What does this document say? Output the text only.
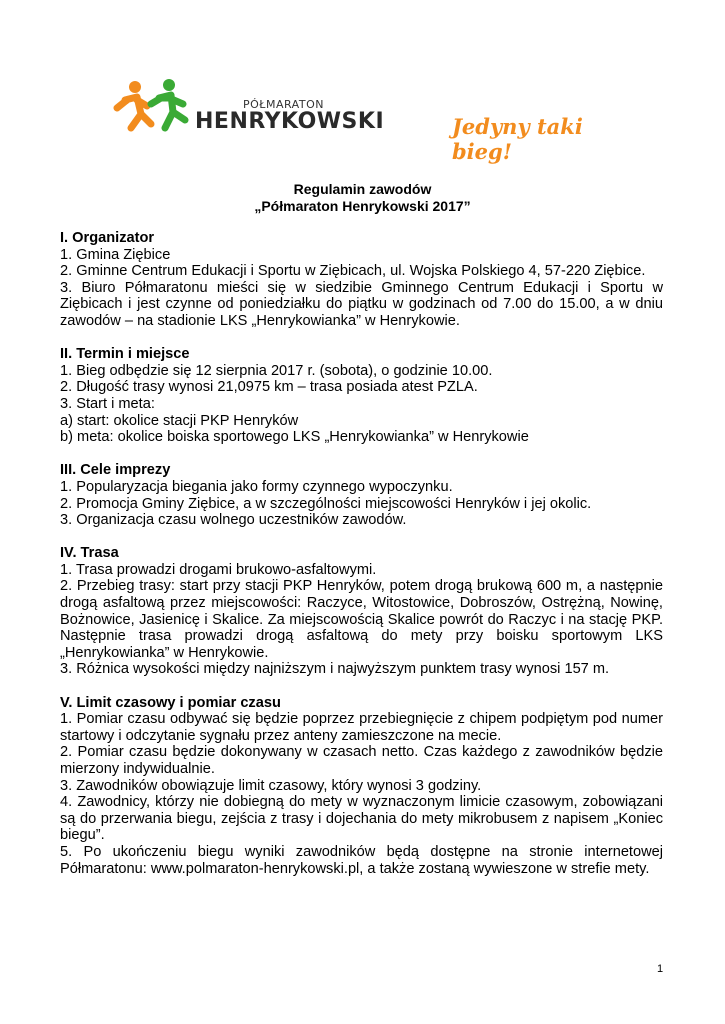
PÓŁMARATON
HENRYKOWSKI	Jedyny taki bieg!
Regulamin zawodów
„Półmaraton Henrykowski 2017”
I. Organizator

1. Gmina Ziębice

2. Gminne Centrum Edukacji i Sportu w Ziębicach, ul. Wojska Polskiego 4, 57-220 Ziębice.

3. Biuro Półmaratonu mieści się w siedzibie Gminnego Centrum Edukacji i Sportu w Ziębicach i jest czynne od poniedziałku do piątku w godzinach od 7.00 do 15.00, a w dniu zawodów – na stadionie LKS „Henrykowianka” w Henrykowie.

II. Termin i miejsce

1. Bieg odbędzie się 12 sierpnia 2017 r. (sobota), o godzinie 10.00.

2. Długość trasy wynosi 21,0975 km – trasa posiada atest PZLA.

3. Start i meta:

a) start: okolice stacji PKP Henryków

b) meta: okolice boiska sportowego LKS „Henrykowianka” w Henrykowie

III. Cele imprezy

1. Popularyzacja biegania jako formy czynnego wypoczynku.

2. Promocja Gminy Ziębice, a w szczególności miejscowości Henryków i jej okolic.

3. Organizacja czasu wolnego uczestników zawodów.

IV. Trasa

1. Trasa prowadzi drogami brukowo-asfaltowymi.

2. Przebieg trasy: start przy stacji PKP Henryków, potem drogą brukową 600 m, a następnie drogą asfaltową przez miejscowości: Raczyce, Witostowice, Dobroszów, Ostrężną, Nowinę, Bożnowice, Jasienicę i Skalice. Za miejscowością Skalice powrót do Raczyc i na stację PKP. Następnie trasa prowadzi drogą asfaltową do mety przy boisku sportowym LKS „Henrykowianka” w Henrykowie.

3. Różnica wysokości między najniższym i najwyższym punktem trasy wynosi 157 m.

V. Limit czasowy i pomiar czasu

1. Pomiar czasu odbywać się będzie poprzez przebiegnięcie z chipem podpiętym pod numer startowy i odczytanie sygnału przez anteny zamieszczone na mecie.

2. Pomiar czasu będzie dokonywany w czasach netto. Czas każdego z zawodników będzie mierzony indywidualnie.

3. Zawodników obowiązuje limit czasowy, który wynosi 3 godziny.

4. Zawodnicy, którzy nie dobiegną do mety w wyznaczonym limicie czasowym, zobowiązani są do przerwania biegu, zejścia z trasy i dojechania do mety mikrobusem z napisem „Koniec biegu”.

5. Po ukończeniu biegu wyniki zawodników będą dostępne na stronie internetowej Półmaratonu: www.polmaraton-henrykowski.pl, a także zostaną wywieszone w strefie mety.

1
